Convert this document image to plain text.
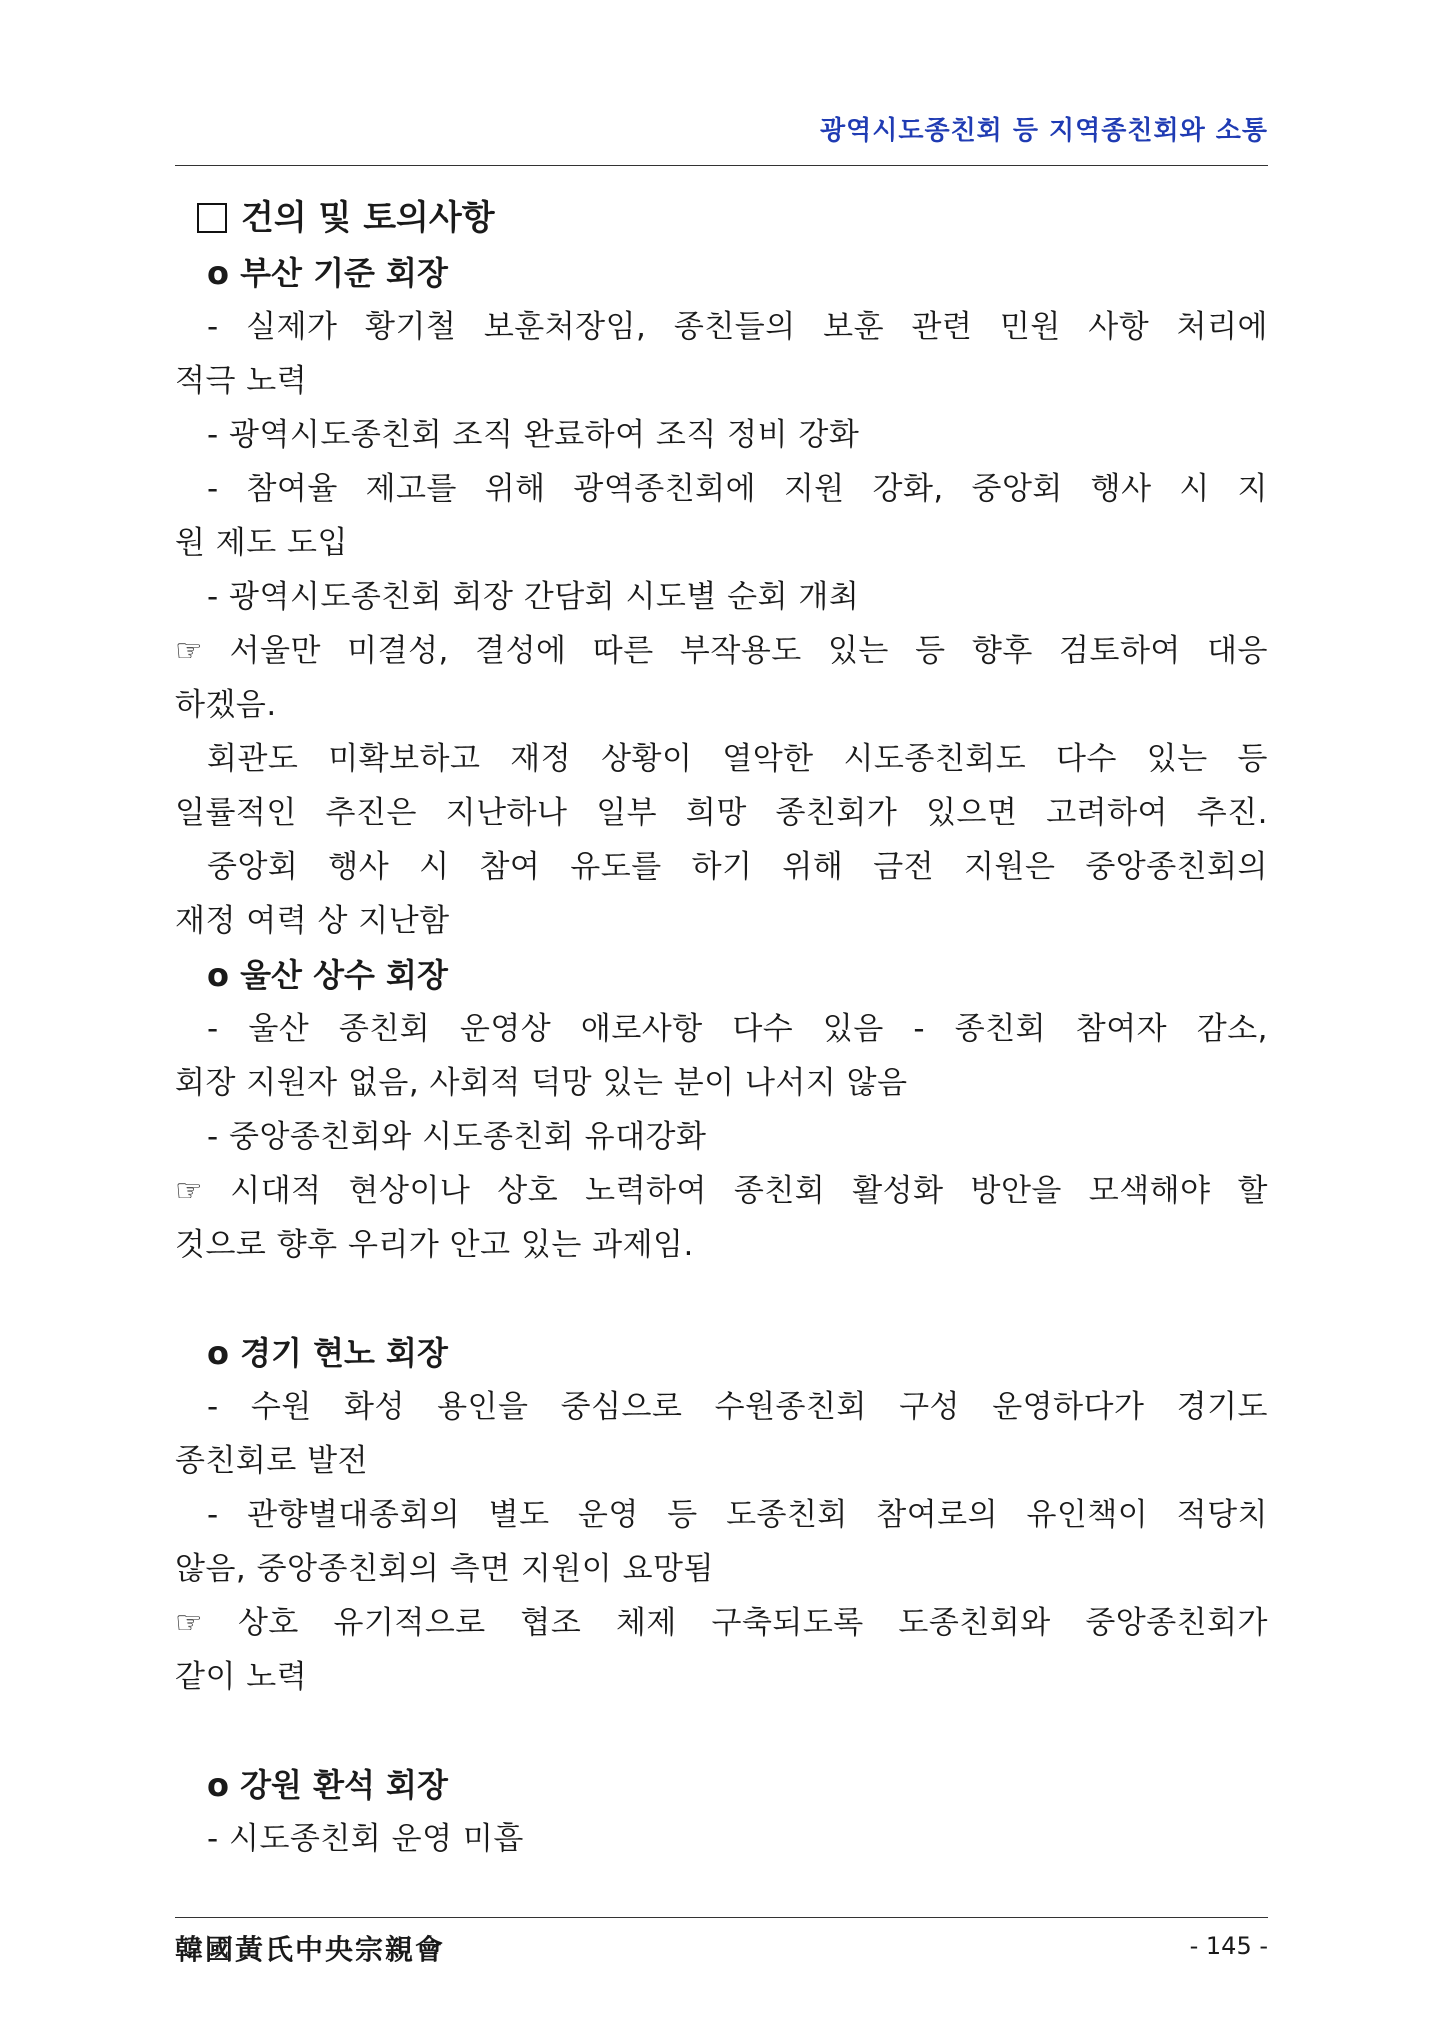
광역시도종친회 등 지역종친회와 소통
건의 및 토의사항
o 부산 기준 회장
- 실제가 황기철 보훈처장임, 종친들의 보훈 관련 민원 사항 처리에
적극 노력
- 광역시도종친회 조직 완료하여 조직 정비 강화
- 참여율 제고를 위해 광역종친회에 지원 강화, 중앙회 행사 시 지
원 제도 도입
- 광역시도종친회 회장 간담회 시도별 순회 개최
☞ 서울만 미결성, 결성에 따른 부작용도 있는 등 향후 검토하여 대응
하겠음.
회관도 미확보하고 재정 상황이 열악한 시도종친회도 다수 있는 등
일률적인 추진은 지난하나 일부 희망 종친회가 있으면 고려하여 추진.
중앙회 행사 시 참여 유도를 하기 위해 금전 지원은 중앙종친회의
재정 여력 상 지난함
o 울산 상수 회장
- 울산 종친회 운영상 애로사항 다수 있음 - 종친회 참여자 감소,
회장 지원자 없음, 사회적 덕망 있는 분이 나서지 않음
- 중앙종친회와 시도종친회 유대강화
☞ 시대적 현상이나 상호 노력하여 종친회 활성화 방안을 모색해야 할
것으로 향후 우리가 안고 있는 과제임.
o 경기 현노 회장
- 수원 화성 용인을 중심으로 수원종친회 구성 운영하다가 경기도
종친회로 발전
- 관향별대종회의 별도 운영 등 도종친회 참여로의 유인책이 적당치
않음, 중앙종친회의 측면 지원이 요망됨
☞ 상호 유기적으로 협조 체제 구축되도록 도종친회와 중앙종친회가
같이 노력
o 강원 환석 회장
- 시도종친회 운영 미흡
韓國黃氏中央宗親會	- 145 -
